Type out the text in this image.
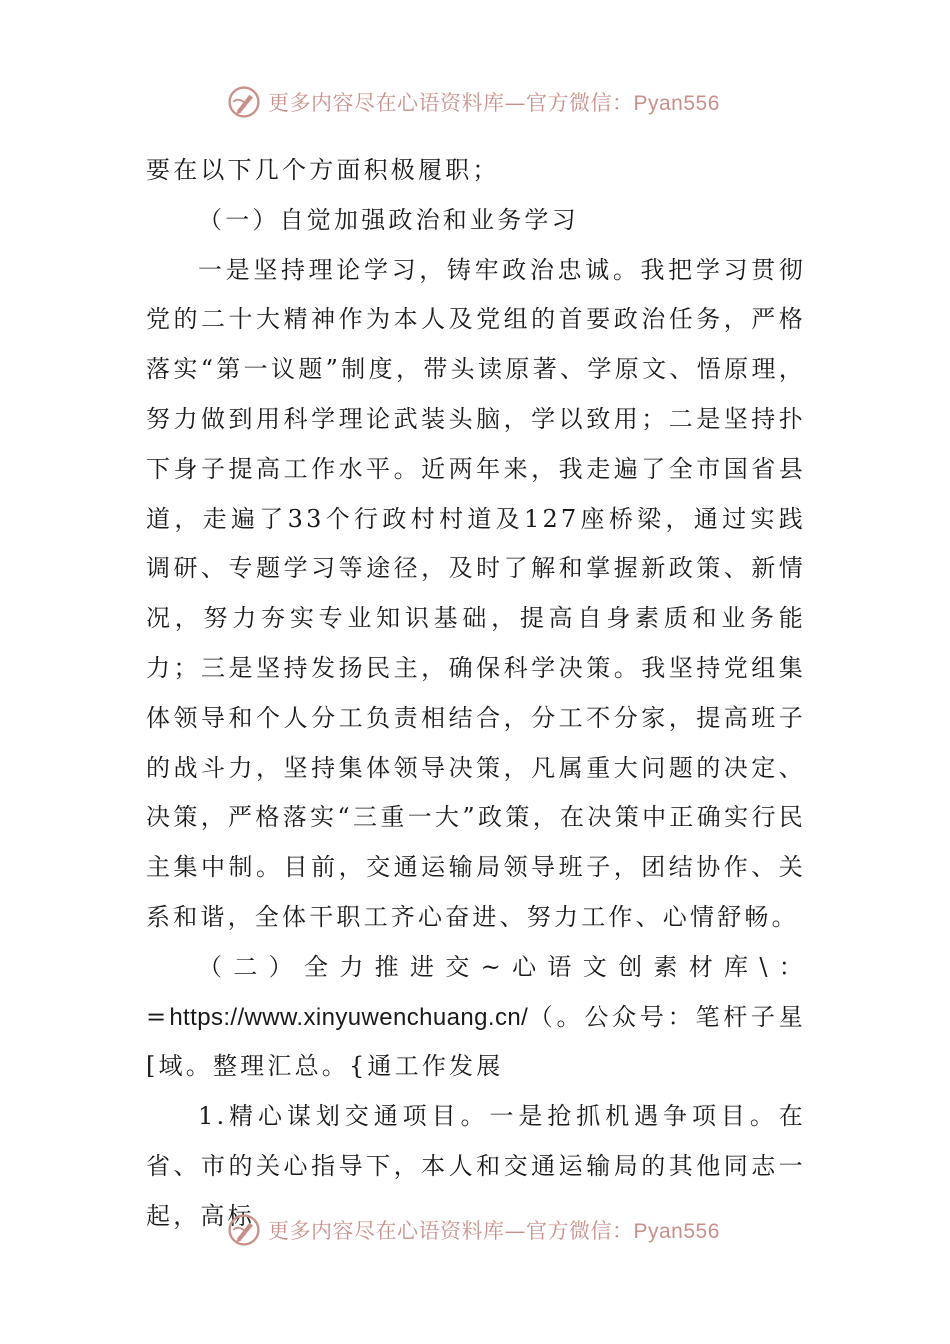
更多内容尽在心语资料库—官方微信：Pyan556

要在以下几个方面积极履职；

（一）自觉加强政治和业务学习

一是坚持理论学习，铸牢政治忠诚。我把学习贯彻党的二十大精神作为本人及党组的首要政治任务，严格落实“第一议题”制度，带头读原著、学原文、悟原理，努力做到用科学理论武装头脑，学以致用；二是坚持扑下身子提高工作水平。近两年来，我走遍了全市国省县道，走遍了33个行政村村道及127座桥梁，通过实践调研、专题学习等途径，及时了解和掌握新政策、新情况，努力夯实专业知识基础，提高自身素质和业务能力；三是坚持发扬民主，确保科学决策。我坚持党组集体领导和个人分工负责相结合，分工不分家，提高班子的战斗力，坚持集体领导决策，凡属重大问题的决定、决策，严格落实“三重一大”政策，在决策中正确实行民主集中制。目前，交通运输局领导班子，团结协作、关系和谐，全体干职工齐心奋进、努力工作、心情舒畅。

（二）全力推进交~心语文创素材库\：=https://www.xinyuwenchuang.cn/（。公众号：笔杆子星[域。整理汇总。{通工作发展

1.精心谋划交通项目。一是抢抓机遇争项目。在省、市的关心指导下，本人和交通运输局的其他同志一起，高标

更多内容尽在心语资料库—官方微信：Pyan556
